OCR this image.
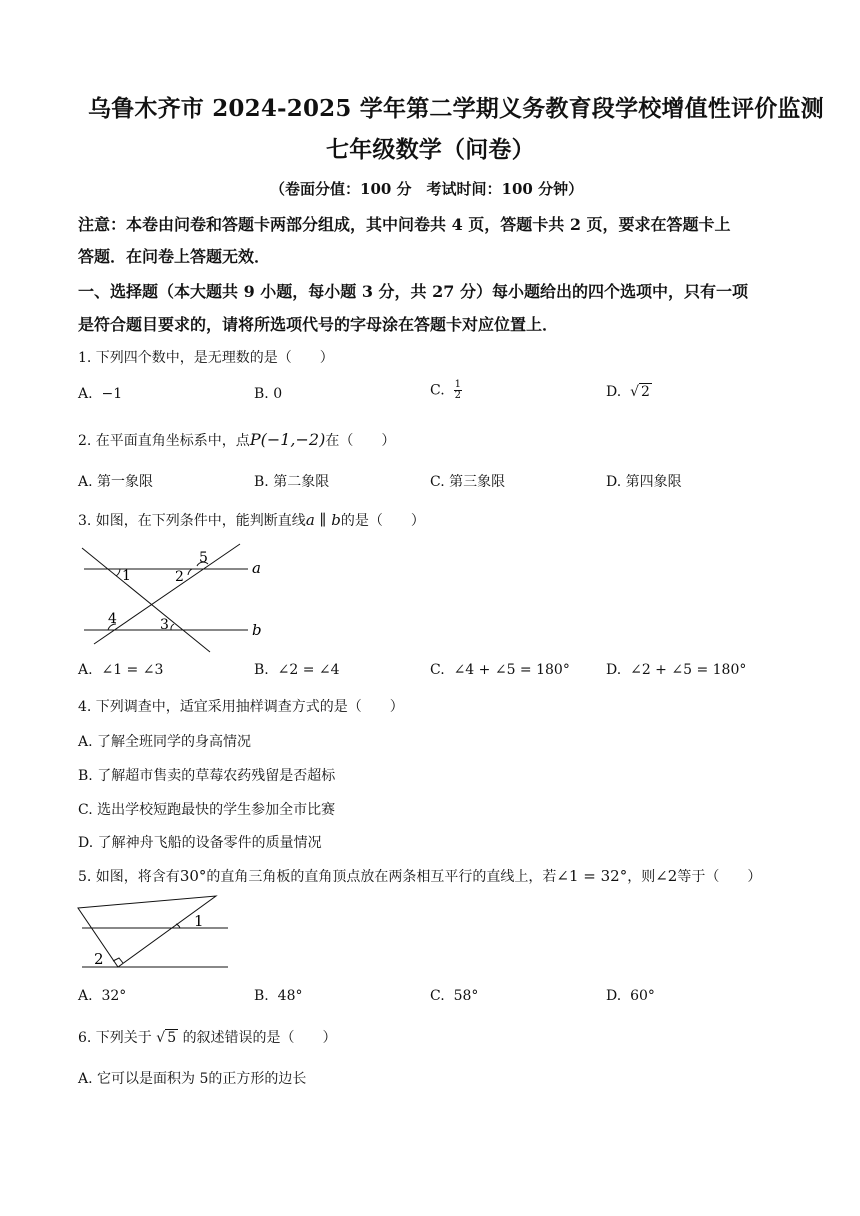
乌鲁木齐市 2024-2025 学年第二学期义务教育段学校增值性评价监测
七年级数学（问卷）
（卷面分值：100 分　考试时间：100 分钟）
注意：本卷由问卷和答题卡两部分组成，其中问卷共 4 页，答题卡共 2 页，要求在答题卡上
答题．在问卷上答题无效．
一、选择题（本大题共 9 小题，每小题 3 分，共 27 分）每小题给出的四个选项中，只有一项
是符合题目要求的，请将所选项代号的字母涂在答题卡对应位置上．
1. 下列四个数中，是无理数的是（　　）
A. −1	B. 0	C. $\frac{1}{2}$	D. √ 2
2. 在平面直角坐标系中，点P(−1,−2)在（　　）
A. 第一象限	B. 第二象限	C. 第三象限	D. 第四象限
3. 如图，在下列条件中，能判断直线a ∥ b的是（　　）
1	2
3
4
5
a
b
A. ∠1 = ∠3	B. ∠2 = ∠4	C. ∠4 + ∠5 = 180°	D. ∠2 + ∠5 = 180°
4. 下列调查中，适宜采用抽样调查方式的是（　　）
A. 了解全班同学的身高情况
B. 了解超市售卖的草莓农药残留是否超标
C. 选出学校短跑最快的学生参加全市比赛
D. 了解神舟飞船的设备零件的质量情况
5. 如图，将含有30°的直角三角板的直角顶点放在两条相互平行的直线上，若∠1 = 32°，则∠2等于（　　）
1
2
A. 32°	B. 48°	C. 58°	D. 60°
6. 下列关于 √ 5 的叙述错误的是（　　）
A. 它可以是面积为 5的正方形的边长
